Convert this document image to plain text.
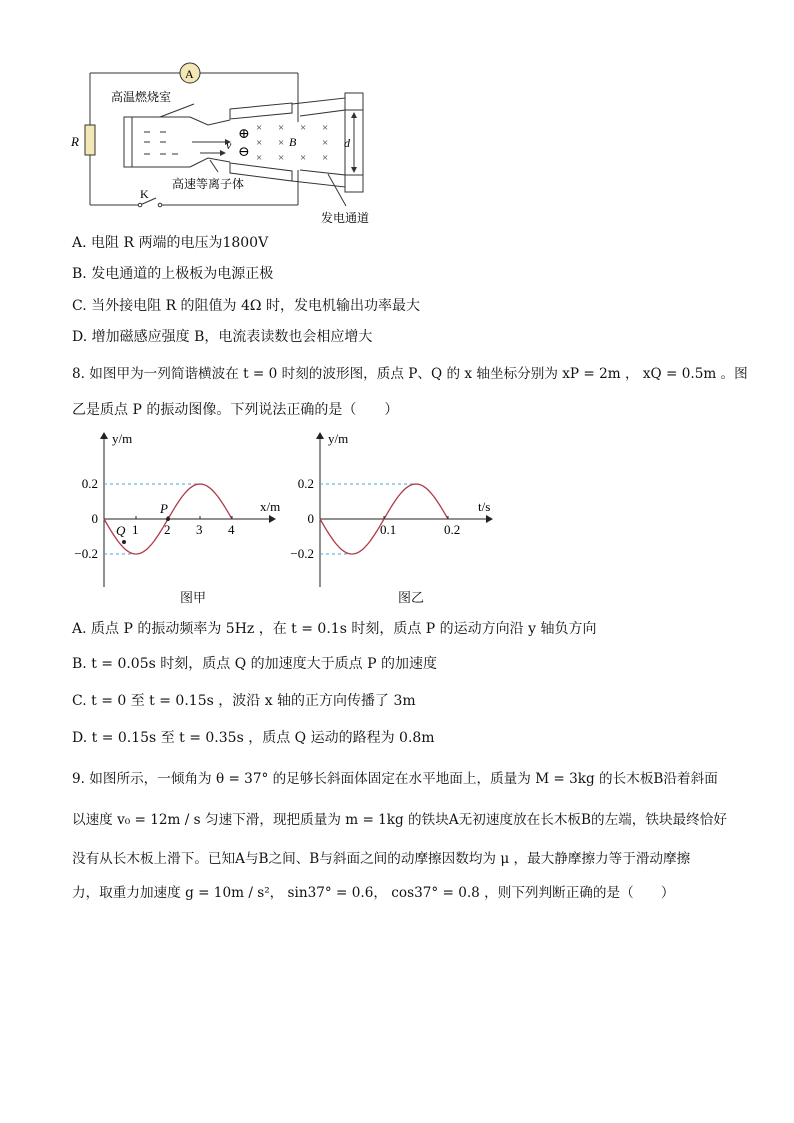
× × × ×
× ×	×
× × × ×
A
R
K
高温燃烧室
高速等离子体
发电通道
v	B	d
⊕
⊖
A. 电阻 R 两端的电压为1800V
B. 发电通道的上极板为电源正极
C. 当外接电阻 R 的阻值为 4Ω 时，发电机输出功率最大
D. 增加磁感应强度 B，电流表读数也会相应增大
8. 如图甲为一列简谐横波在 t = 0 时刻的波形图，质点 P、Q 的 x 轴坐标分别为 xP = 2m ， xQ = 0.5m 。图
乙是质点 P 的振动图像。下列说法正确的是（　　）
1 2 3 4
0.2
0
−0.2
y/m
x/m
P
Q
图甲
0.1	0.2
0.2
0
−0.2
y/m
t/s
图乙
A. 质点 P 的振动频率为 5Hz ，在 t = 0.1s 时刻，质点 P 的运动方向沿 y 轴负方向
B. t = 0.05s 时刻，质点 Q 的加速度大于质点 P 的加速度
C. t = 0 至 t = 0.15s ，波沿 x 轴的正方向传播了 3m
D. t = 0.15s 至 t = 0.35s ，质点 Q 运动的路程为 0.8m
9. 如图所示，一倾角为 θ = 37° 的足够长斜面体固定在水平地面上，质量为 M = 3kg 的长木板B沿着斜面
以速度 v₀ = 12m / s 匀速下滑，现把质量为 m = 1kg 的铁块A无初速度放在长木板B的左端，铁块最终恰好
没有从长木板上滑下。已知A与B之间、B与斜面之间的动摩擦因数均为 μ ，最大静摩擦力等于滑动摩擦
力，取重力加速度 g = 10m / s²， sin37° = 0.6， cos37° = 0.8 ，则下列判断正确的是（　　）
